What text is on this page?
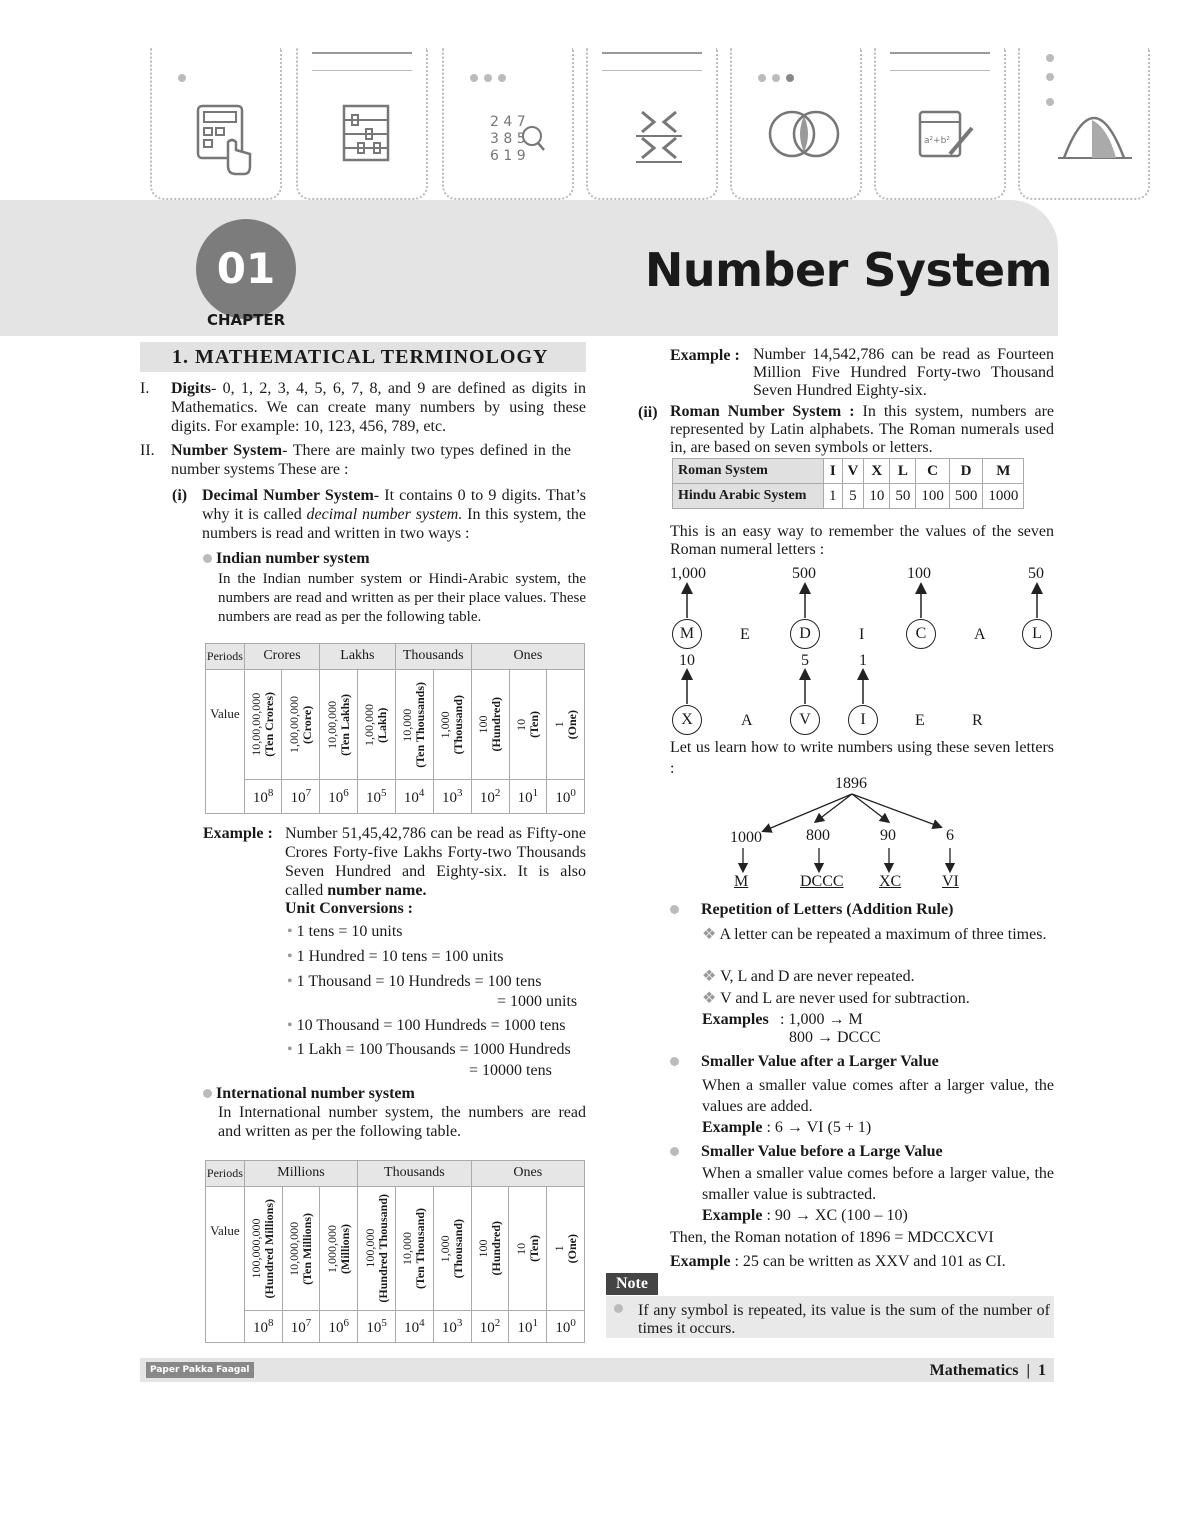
2 4 7
3 8 5
6 1 9
a²+b²
01
CHAPTER
Number System
1. MATHEMATICAL TERMINOLOGY
I. Digits- 0, 1, 2, 3, 4, 5, 6, 7, 8, and 9 are defined as digits in Mathematics. We can create many numbers by using these digits. For example: 10, 123, 456, 789, etc.
II. Number System- There are mainly two types defined in the number systems These are :
(i) Decimal Number System- It contains 0 to 9 digits. That’s why it is called decimal number system. In this system, the numbers is read and written in two ways :
Indian number system
In the Indian number system or Hindi-Arabic system, the numbers are read and written as per their place values. These numbers are read as per the following table.
Periods	Crores		Lakhs		Thousands		Ones		
Value	10,00,00,000 (Ten Crores)	1,00,00,000 (Crore)	10,00,000 (Ten Lakhs)	1,00,000 (Lakh)	10,000 (Ten Thousands)	1,000 (Thousand)	100 (Hundred)	10 (Ten)	1 (One)

	$10^8$	$10^7$	$10^6$	$10^5$	$10^4$	$10^3$	$10^2$	$10^1$	$10^0$
Example : Number 51,45,42,786 can be read as Fifty-one Crores Forty-five Lakhs Forty-two Thousands Seven Hundred and Eighty-six. It is also called number name.
Unit Conversions :
• 1 tens = 10 units
• 1 Hundred = 10 tens = 100 units
• 1 Thousand = 10 Hundreds = 100 tens
= 1000 units
• 10 Thousand = 100 Hundreds = 1000 tens
• 1 Lakh = 100 Thousands = 1000 Hundreds
= 10000 tens
International number system
In International number system, the numbers are read and written as per the following table.
Periods	Millions			Thousands			Ones		
Value	100,000,000 (Hundred Millions)	10,000,000 (Ten Millions)	1,000,000 (Millions)	100,000 (Hundred Thousand)	10,000 (Ten Thousand)	1,000 (Thousand)	100 (Hundred)	10 (Ten)	1 (One)

	$10^8$	$10^7$	$10^6$	$10^5$	$10^4$	$10^3$	$10^2$	$10^1$	$10^0$
Example : Number 14,542,786 can be read as Fourteen Million Five Hundred Forty-two Thousand Seven Hundred Eighty-six.
(ii) Roman Number System : In this system, numbers are represented by Latin alphabets. The Roman numerals used in, are based on seven symbols or letters.
Roman System	I	V	X	L	C	D	M
Hindu Arabic System	1	5	10	50	100	500	1000
This is an easy way to remember the values of the seven Roman numeral letters :
1,000	500	100	50
M	E	D	I	C	A	L
10	5	1
X	A	V	I	E	R
Let us learn how to write numbers using these seven letters :
1896
1000	800	90	6
M	DCCC XC	VI
Repetition of Letters (Addition Rule)
❖ A letter can be repeated a maximum of three times.
❖ V, L and D are never repeated.
❖ V and L are never used for subtraction.
Examples : 1,000 → M
800 → DCCC
Smaller Value after a Larger Value
When a smaller value comes after a larger value, the values are added.
Example : 6 → VI (5 + 1)
Smaller Value before a Large Value
When a smaller value comes before a larger value, the smaller value is subtracted.
Example : 90 → XC (100 – 10)
Then, the Roman notation of 1896 = MDCCXCVI
Example : 25 can be written as XXV and 101 as CI.
Note
If any symbol is repeated, its value is the sum of the number of times it occurs.
Paper Pakka Faagal	Mathematics | 1
